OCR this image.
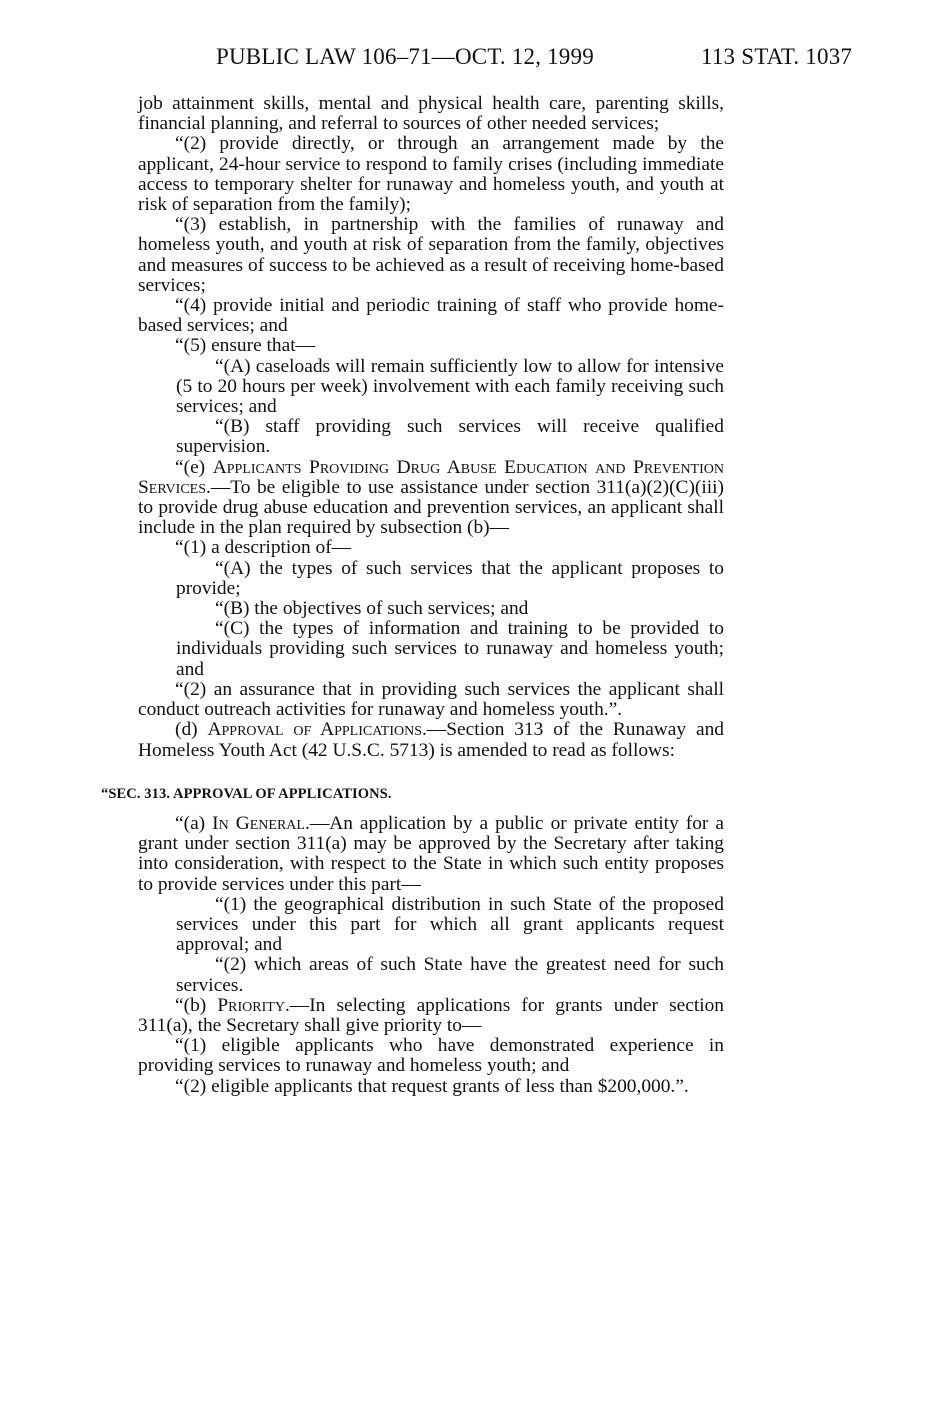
PUBLIC LAW 106–71—OCT. 12, 1999	113 STAT. 1037

job attainment skills, mental and physical health care, parenting skills, financial planning, and referral to sources of other needed services;

“(2) provide directly, or through an arrangement made by the applicant, 24-hour service to respond to family crises (including immediate access to temporary shelter for runaway and homeless youth, and youth at risk of separation from the family);

“(3) establish, in partnership with the families of runaway and homeless youth, and youth at risk of separation from the family, objectives and measures of success to be achieved as a result of receiving home-based services;

“(4) provide initial and periodic training of staff who provide home-based services; and

“(5) ensure that—

“(A) caseloads will remain sufficiently low to allow for intensive (5 to 20 hours per week) involvement with each family receiving such services; and

“(B) staff providing such services will receive qualified supervision.

“(e) Applicants Providing Drug Abuse Education and Prevention Services.—To be eligible to use assistance under section 311(a)(2)(C)(iii) to provide drug abuse education and prevention services, an applicant shall include in the plan required by subsection (b)—

“(1) a description of—

“(A) the types of such services that the applicant proposes to provide;

“(B) the objectives of such services; and

“(C) the types of information and training to be provided to individuals providing such services to runaway and homeless youth; and

“(2) an assurance that in providing such services the applicant shall conduct outreach activities for runaway and homeless youth.”.

(d) Approval of Applications.—Section 313 of the Runaway and Homeless Youth Act (42 U.S.C. 5713) is amended to read as follows:

“SEC. 313. APPROVAL OF APPLICATIONS.

“(a) In General.—An application by a public or private entity for a grant under section 311(a) may be approved by the Secretary after taking into consideration, with respect to the State in which such entity proposes to provide services under this part—

“(1) the geographical distribution in such State of the proposed services under this part for which all grant applicants request approval; and

“(2) which areas of such State have the greatest need for such services.

“(b) Priority.—In selecting applications for grants under section 311(a), the Secretary shall give priority to—

“(1) eligible applicants who have demonstrated experience in providing services to runaway and homeless youth; and

“(2) eligible applicants that request grants of less than $200,000.”.
